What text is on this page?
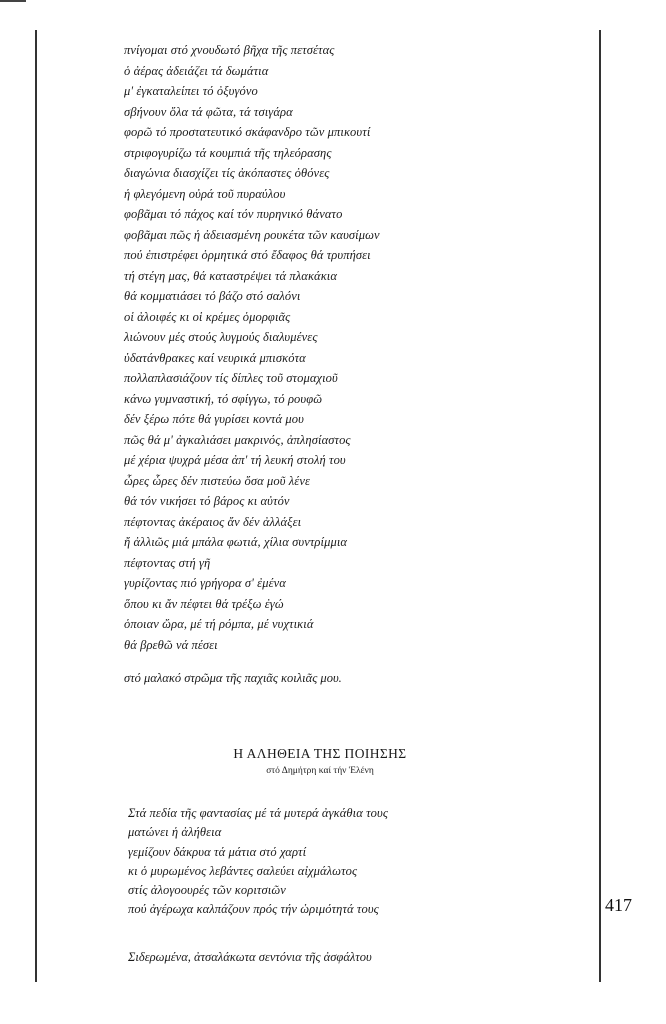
πνίγομαι στό χνουδωτό βῆχα τῆς πετσέτας
ὁ ἀέρας ἀδειάζει τά δωμάτια
μ' ἐγκαταλείπει τό ὀξυγόνο
σβήνουν ὅλα τά φῶτα, τά τσιγάρα
φορῶ τό προστατευτικό σκάφανδρο τῶν μπικουτί
στριφογυρίζω τά κουμπιά τῆς τηλεόρασης
διαγώνια διασχίζει τίς ἀκόπαστες ὀθόνες
ἡ φλεγόμενη οὐρά τοῦ πυραύλου
φοβᾶμαι τό πάχος καί τόν πυρηνικό θάνατο
φοβᾶμαι πῶς ἡ ἀδειασμένη ρουκέτα τῶν καυσίμων
πού ἐπιστρέφει ὁρμητικά στό ἔδαφος θά τρυπήσει
τή στέγη μας, θά καταστρέψει τά πλακάκια
θά κομματιάσει τό βάζο στό σαλόνι
οἱ ἀλοιφές κι οἱ κρέμες ὁμορφιᾶς
λιώνουν μές στούς λυγμούς διαλυμένες
ὑδατάνθρακες καί νευρικά μπισκότα
πολλαπλασιάζουν τίς δίπλες τοῦ στομαχιοῦ
κάνω γυμναστική, τό σφίγγω, τό ρουφῶ
δέν ξέρω πότε θά γυρίσει κοντά μου
πῶς θά μ' ἀγκαλιάσει μακρινός, ἀπλησίαστος
μέ χέρια ψυχρά μέσα ἀπ' τή λευκή στολή του
ὧρες ὧρες δέν πιστεύω ὅσα μοῦ λένε
θά τόν νικήσει τό βάρος κι αὐτόν
πέφτοντας ἀκέραιος ἄν δέν ἀλλάξει
ἤ ἀλλιῶς μιά μπάλα φωτιά, χίλια συντρίμμια
πέφτοντας στή γῆ
γυρίζοντας πιό γρήγορα σ' ἐμένα
ὅπου κι ἄν πέφτει θά τρέξω ἐγώ
ὁποιαν ὥρα, μέ τή ρόμπα, μέ νυχτικιά
θά βρεθῶ νά πέσει
στό μαλακό στρῶμα τῆς παχιᾶς κοιλιᾶς μου.
Η ΑΛΗΘΕΙΑ ΤΗΣ ΠΟΙΗΣΗΣ
στό Δημήτρη καί τήν Ἑλένη
Στά πεδία τῆς φαντασίας μέ τά μυτερά ἀγκάθια τους
ματώνει ἡ ἀλήθεια
γεμίζουν δάκρυα τά μάτια στό χαρτί
κι ὁ μυρωμένος λεβάντες σαλεύει αἰχμάλωτος
στίς ἀλογοουρές τῶν κοριτσιῶν
πού ἀγέρωχα καλπάζουν πρός τήν ὡριμότητά τους
Σιδερωμένα, ἀτσαλάκωτα σεντόνια τῆς ἀσφάλτου
417
